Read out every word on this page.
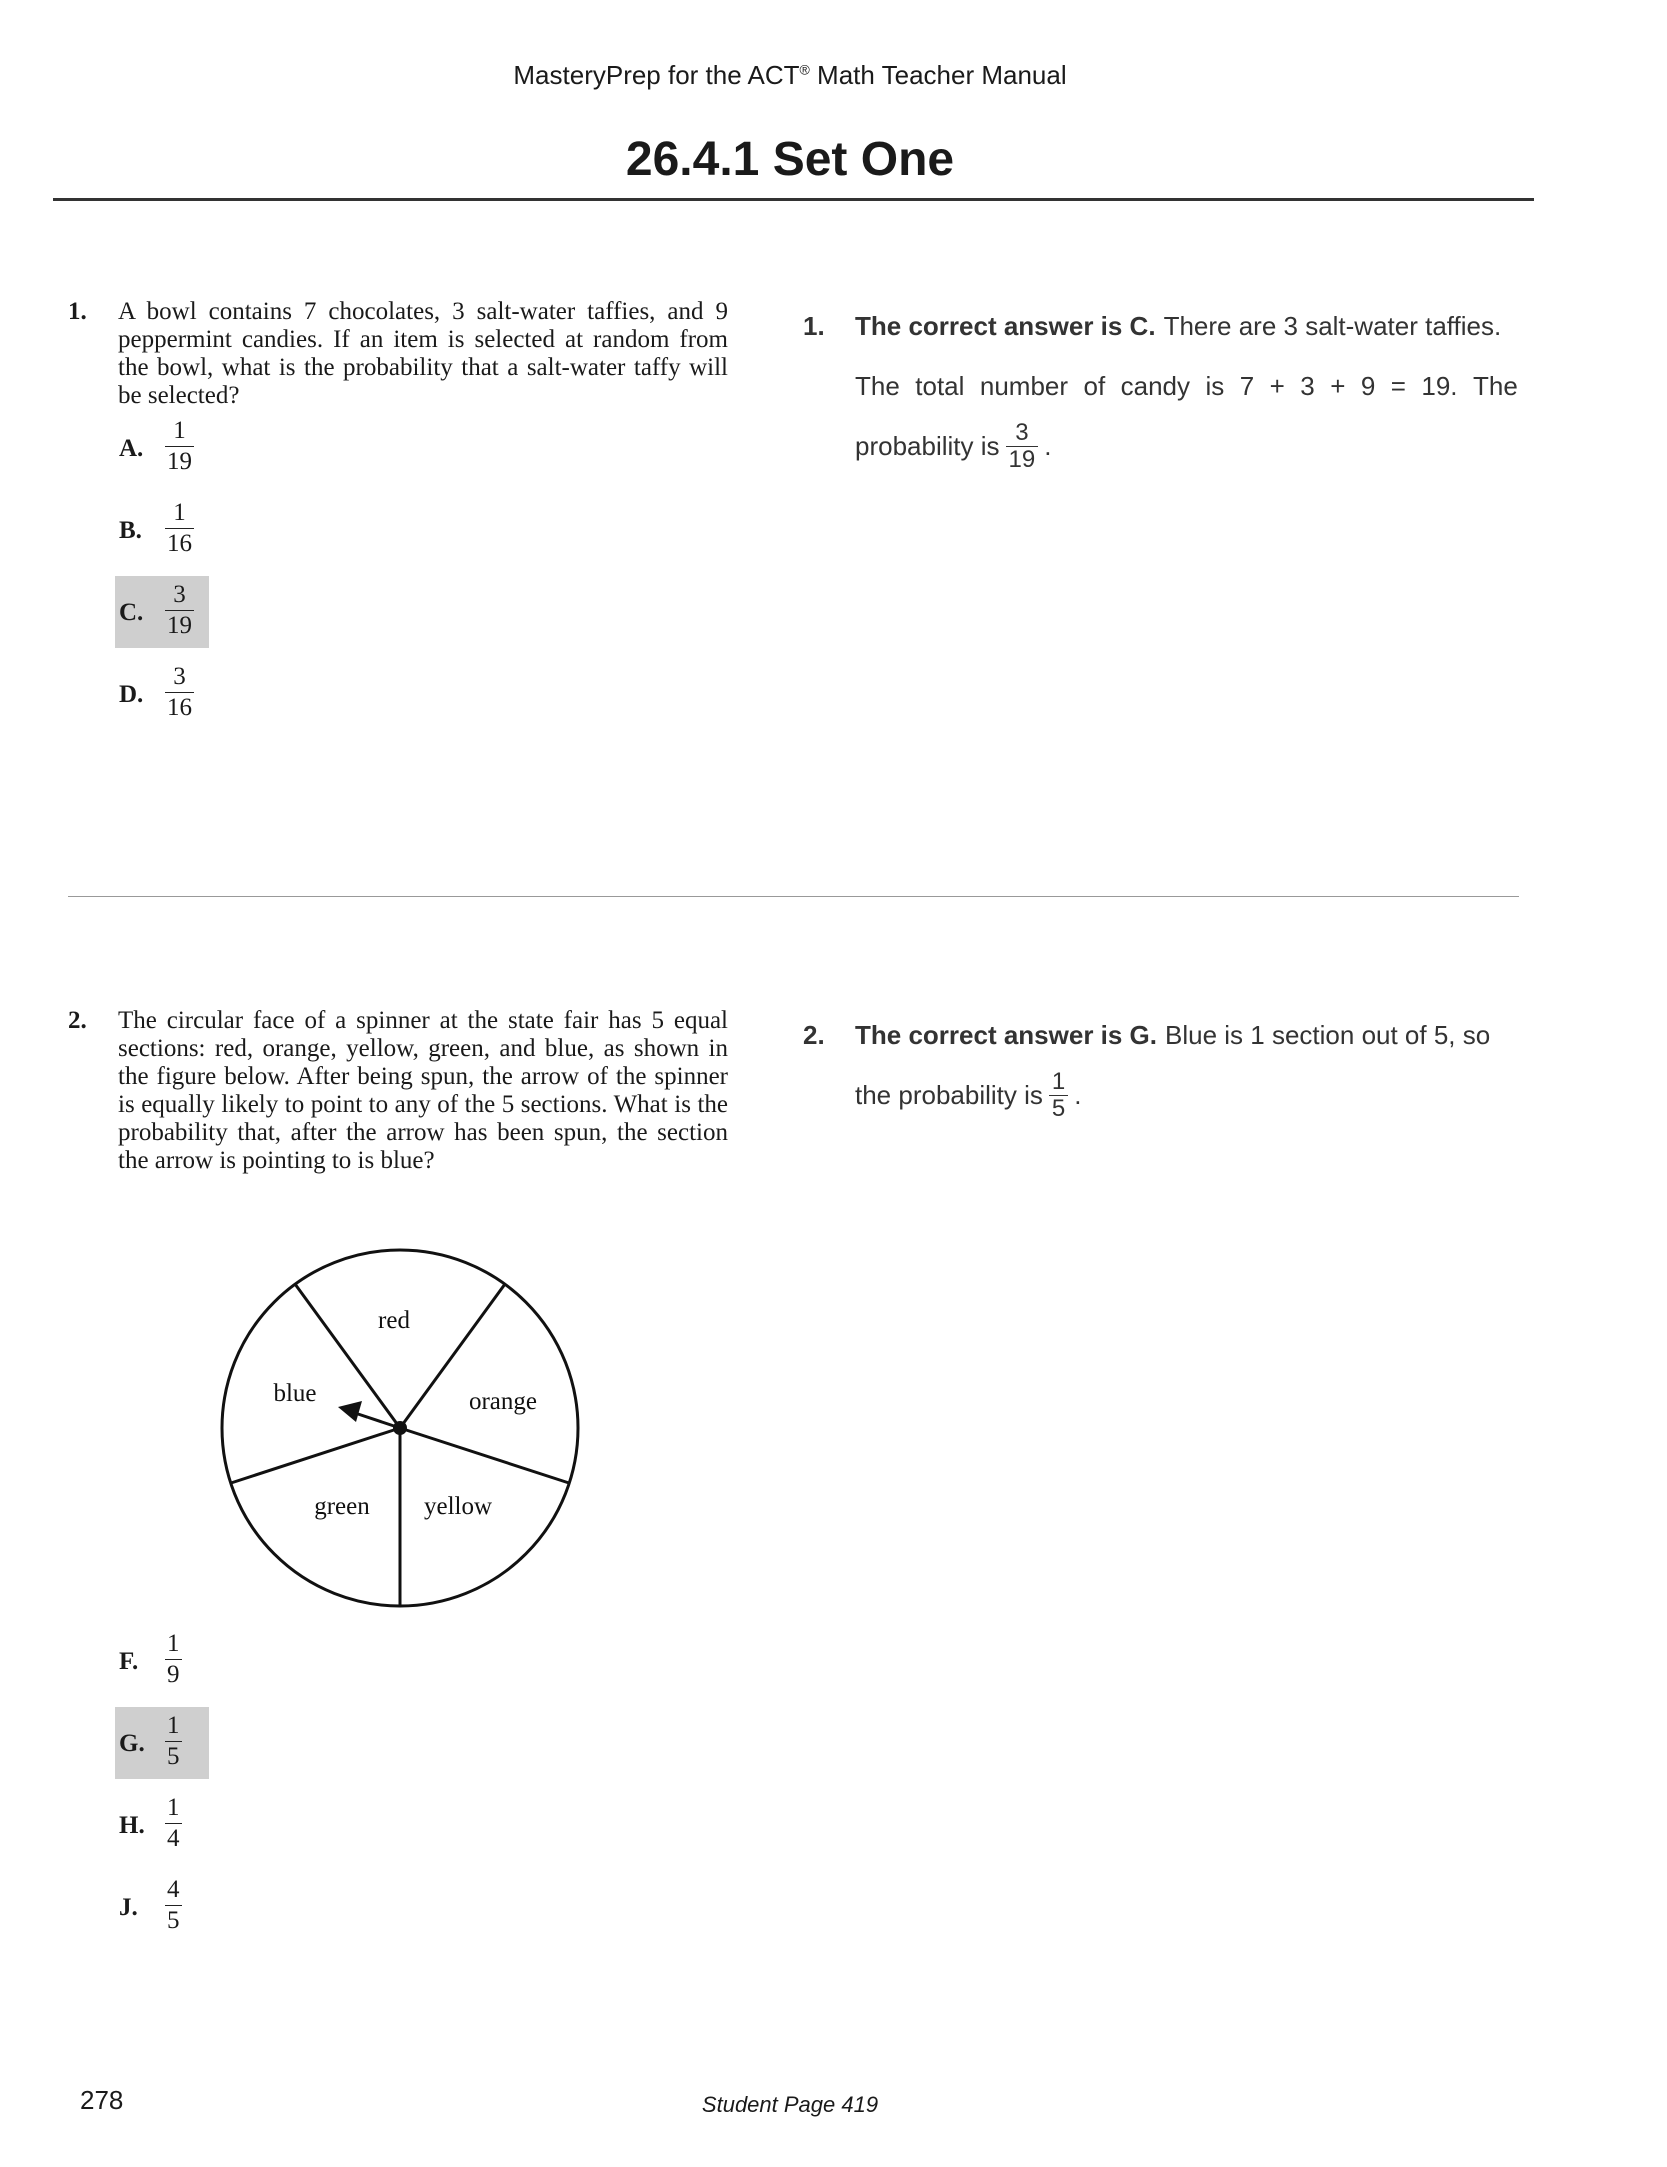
MasteryPrep for the ACT® Math Teacher Manual
26.4.1 Set One
1. A bowl contains 7 chocolates, 3 salt-water taffies, and 9 peppermint candies. If an item is selected at random from the bowl, what is the probability that a salt-water taffy will be selected?
A. $\frac{1}{19}$
B. $\frac{1}{16}$
C. $\frac{3}{19}$
D. $\frac{3}{16}$
1. The correct answer is C. There are 3 salt-water taffies.
The total number of candy is 7 + 3 + 9 = 19. The
probability is $\frac{3}{19}$ .
2. The circular face of a spinner at the state fair has 5 equal sections: red, orange, yellow, green, and blue, as shown in the figure below. After being spun, the arrow of the spinner is equally likely to point to any of the 5 sections. What is the probability that, after the arrow has been spun, the section the arrow is pointing to is blue?
red
orange
yellow
green
blue
F. $\frac{1}{9}$
G. $\frac{1}{5}$
H. $\frac{1}{4}$
J. $\frac{4}{5}$
2. The correct answer is G. Blue is 1 section out of 5, so
the probability is $\frac{1}{5}$ .
278	Student Page 419
